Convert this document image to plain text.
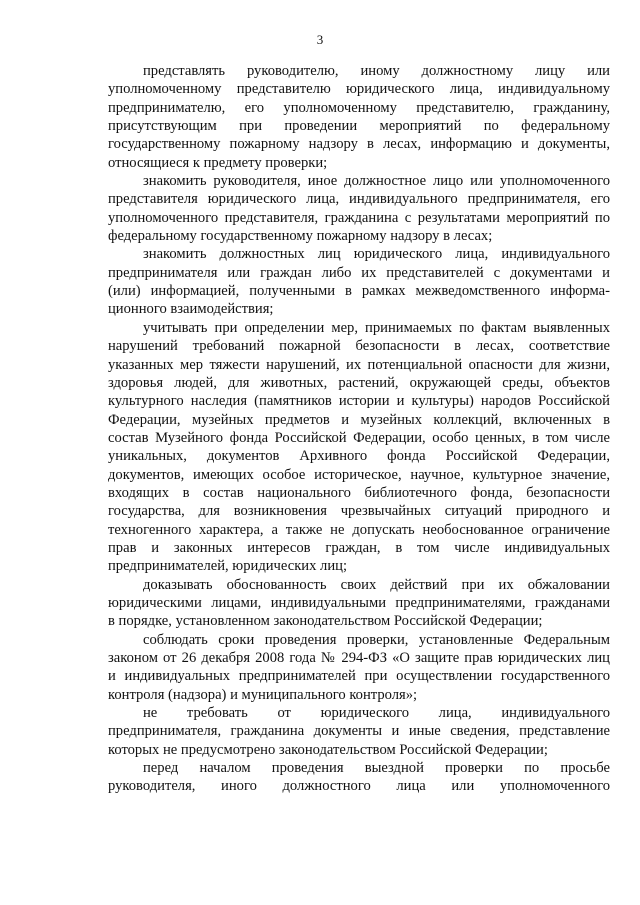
3
представлять руководителю, иному должностному лицу или
уполномоченному представителю юридического лица, индивидуальному
предпринимателю, его уполномоченному представителю, гражданину,
присутствующим при проведении мероприятий по федеральному
государственному пожарному надзору в лесах, информацию и документы,
относящиеся к предмету проверки;
знакомить руководителя, иное должностное лицо или уполномоченного
представителя юридического лица, индивидуального предпринимателя, его
уполномоченного представителя, гражданина с результатами мероприятий по
федеральному государственному пожарному надзору в лесах;
знакомить должностных лиц юридического лица, индивидуального
предпринимателя или граждан либо их представителей с документами и
(или) информацией, полученными в рамках межведомственного информа-
ционного взаимодействия;
учитывать при определении мер, принимаемых по фактам выявленных
нарушений требований пожарной безопасности в лесах, соответствие
указанных мер тяжести нарушений, их потенциальной опасности для жизни,
здоровья людей, для животных, растений, окружающей среды, объектов
культурного наследия (памятников истории и культуры) народов Российской
Федерации, музейных предметов и музейных коллекций, включенных в
состав Музейного фонда Российской Федерации, особо ценных, в том числе
уникальных, документов Архивного фонда Российской Федерации,
документов, имеющих особое историческое, научное, культурное значение,
входящих в состав национального библиотечного фонда, безопасности
государства, для возникновения чрезвычайных ситуаций природного и
техногенного характера, а также не допускать необоснованное ограничение
прав и законных интересов граждан, в том числе индивидуальных
предпринимателей, юридических лиц;
доказывать обоснованность своих действий при их обжаловании
юридическими лицами, индивидуальными предпринимателями, гражданами
в порядке, установленном законодательством Российской Федерации;
соблюдать сроки проведения проверки, установленные Федеральным
законом от 26 декабря 2008 года № 294-ФЗ «О защите прав юридических лиц
и индивидуальных предпринимателей при осуществлении государственного
контроля (надзора) и муниципального контроля»;
не требовать от юридического лица, индивидуального
предпринимателя, гражданина документы и иные сведения, представление
которых не предусмотрено законодательством Российской Федерации;
перед началом проведения выездной проверки по просьбе
руководителя, иного должностного лица или уполномоченного
